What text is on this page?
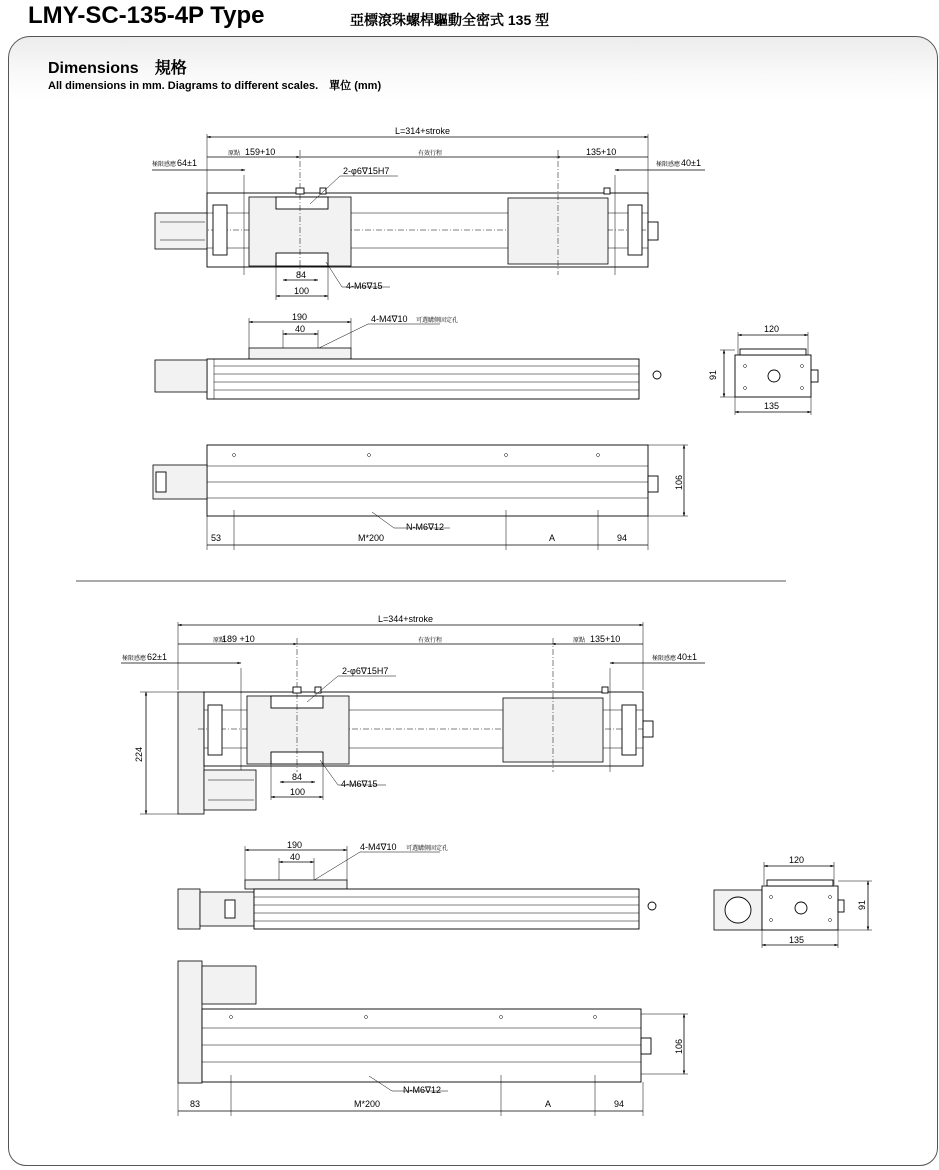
LMY-SC-135-4P Type	亞標滾珠螺桿驅動全密式 135 型
Dimensions　規格
All dimensions in mm. Diagrams to different scales.　單位 (mm)
L=314+stroke
原點 159+10	有效行程	135+10
極限感應 64±1	極限感應 40±1
2-φ6∇15H7
84
100	4-M6∇15
190
40
4-M4∇10 可選購側固定孔
120
91
135
106
53	M*200	A	94
N-M6∇12
L=344+stroke
原點
189 +10	有效行程	原點 135+10
極限感應 62±1	極限感應 40±1
2-φ6∇15H7
224
84
100
4-M6∇15
190
40
4-M4∇10 可選購側固定孔
120
91
135
106
83	M*200	A	94
N-M6∇12
